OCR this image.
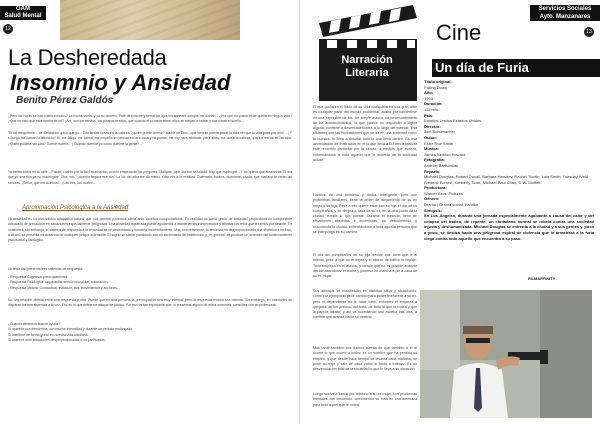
GAM
Salud Mental
12
La Desheredada
Insomnio y Ansiedad
Benito Pérez Galdós
¿Pero las horas se han vuelto minutos? La noche vuela, y yo no duermo. Esté otra noche y cerrar los ojos los apretaré aunque me duelan... ¿Por qué no puedo estar quieta en ningún lado? ¿Qué es esto que está dentro de mí? ¡Ah!, son los nervios, los pícaros nervios, que cuando el corazón teme, ellos se niegan a hablar y nos roban el sueño...
"El tal mequetrefe... de Sebastián quiso que yo... Con tantas cosas en la cabeza, ¿quién puede dormir? Madre de Dios, ¡qué bien se puede pasar la vida sin que la vida pase por uno!... ¿Y si luego me llaman la atención? Si, me fatigo, me canso, me empeño en pensar en otra cosa y no puedo, me voy para adelante, para atrás, me duele la cabeza, y la luz me da en los ojos. ¿Quién pudiera ser otra? Dormir, dormir... ¿Cuándo dormiré yo como duerme la gente?..."
Ya veréis todos en la calle... Pacan, cuanto por la tía Encarnación, pronto empezarán los pregones. Mañana, ¡qué día tan señalado!, hay que madrugar... Y no quiero que amanezca. El día que yo sea rica ya no madrugaré. Dios mío, ¿cuándo llegará ese día? La luz del alba me da miedo. Otra vez a la realidad. Duérmete, Isidora, duérmete, olvida, que mañana te verán las señoras. ¡Señor, que me duerma!... ¡Las tres, las cuatro!...
Aproximación Psicológica a la Ansiedad
La ansiedad es un mecanismo adaptativo natural que nos permite ponernos alerta ante sucesos comprometidos. En realidad un cierto grado de ansiedad proporciona un componente adecuado de precaución en situaciones especialmente peligrosas. Una ansiedad moderada puede ayudarnos a mantenernos concentrados y afrontar los retos que tenemos por delante. En ocasiones, sin embargo, el sistema de respuesta a la ansiedad se ve desbordado y funciona incorrectamente. Más concretamente, la ansiedad es desproporcionada a la situación e incluso, a veces, se presenta en ausencia de cualquier peligro ostensible. El sujeto se siente paralizado con un sentimiento de indefensión y, en general, se produce un deterioro del funcionamiento psicosocial y fisiológico.
La ansiedad presenta tres sistemas de respuesta:
- Respuesta Cognitiva: preocupaciones.
- Respuesta Fisiológica: taquicardia, tensión muscular, sudoración.
- Respuesta Motora: Conductual: evitación, tics, movimientos y acciones.
No hay relación directa entre una respuesta y otra. Puede que en una persona la preocupación sea muy intensa, pero la respuesta motora sea mínima. Sin embargo, en ocasiones se disparan los tres sistemas a la vez. Eso es lo que define un ataque de pánico. Por eso es tan importante que, si presentas alguno de estos síntomas, consultes con un profesional.
¿Cuándo debemos buscar ayuda?
Si aparece con frecuencia, con mucha intensidad y durante un periodo prolongado.
Si interfiere de forma grave en nuestra vida cotidiana.
Si aparece ante situaciones desproporcionadas o no justificadas.
Narración
Literaria
El que podía en el inicio de su vida cualquiera en una gran urbe es cualquier parte del mundo occidental, acaba por convertirse en una expresión de los. Un simple atasco, un desencadenante de los acontecimientos; lo que parece no responder a lógica alguna, contiene a desencadenantes a lo largo del metraje. Esa situación con las fluctuaciones que se da en una sociedad como la nuestra, le lleva a desatar todo lo que lleva dentro. Es esa acumulación de frustración en él lo que lleva a D-Fens a realizar este recorrido particular por la ciudad, a medida que avanza, enfrentándose a todo aquello que le molesta de la sociedad actual.
Hombre de una treintena y tantos, inteligente, pero con problemas familiares, tiene la orden de alejamiento de su ex mujer y su hija. Pese a ello quiere estar con su hija el día de su cumpleaños, y se dirigirá a casa de su ex, en la otra punta de la ciudad, cueste lo que cueste. Durante el trayecto, lleno de situaciones absurdas e incómodas, irá descubriendo y recorriendo la ciudad, enfrentándose a toda aquella persona que se interponga en su camino.
El día del cumpleaños de su hija decide que tiene que ir al mismo, pese a que no le dejan y el atasco de tráfico lo impide. Todo empieza en el atasco, y viendo que no es posible avanzar decide abandonar el coche y ponerse en marcha a pie a casa de su ex mujer.
Sus altibajos se manifiestan en distintos sitios y situaciones, como por ejemplo al pedir cambio para poder telefonear a su ex, pero el dependiente no le hace caso, entonces él empieza a quejarse de los precios, del trato, de todo lo que le rodea y que le parece injusto, y así va sucediendo una escena tras otra, a medida que avanza hacia su destino.
Más tarde también nos damos cuenta de que también a él le ocurre lo que ocurre a todos: es un hombre que ha perdido su empleo, y que desde hace tiempo se levanta cada mañana, se pone su traje y sale de casa como si fuera a trabajar. Es su desvinculación total de la sociedad lo que le lleva a su situación.
Luego vuelve a llamar por teléfono a su ex mujer. Los problemas mentales van creciendo, convirtiendo su furia en una amenaza para todo aquel que le rodea.
Cine
Servicios Sociales
Ayto. Manzanares
13
Un día de Furia
Título original:
Falling Down
Año:
1993
Duración:
112 min.
País:
Estados Unidos Estados Unidos
Director:
Joel Schumacher
Guión:
Ebbe Roe Smith
Música:
James Newton Howard
Fotografía:
Andrzej Bartkowiak
Reparto:
Michael Douglas, Robert Duvall, Barbara Hershey, Rachel Ticotin, Lois Smith, Tuesday Weld, Frederic Forrest, Kimberly Scott, Michael Paul Chan, D.W. Moffett
Productora:
Warner Bros. Pictures
Género:
Drama | Drama social. Familia
Sinopsis:
En Los Ángeles, durante una jornada especialmente agobiante a causa del calor y del colapso del tráfico, de repente, un ciudadano normal se rebela contra una sociedad injusta y deshumanizada. Michael Douglas se enfrenta a la ciudad y a sus gentes y, poco a poco, se desliza hacia una peligrosa espiral de violencia que le arrastrará a la furia ciega contra todo aquello que encuentra a su paso.
FILMAFFINITY
